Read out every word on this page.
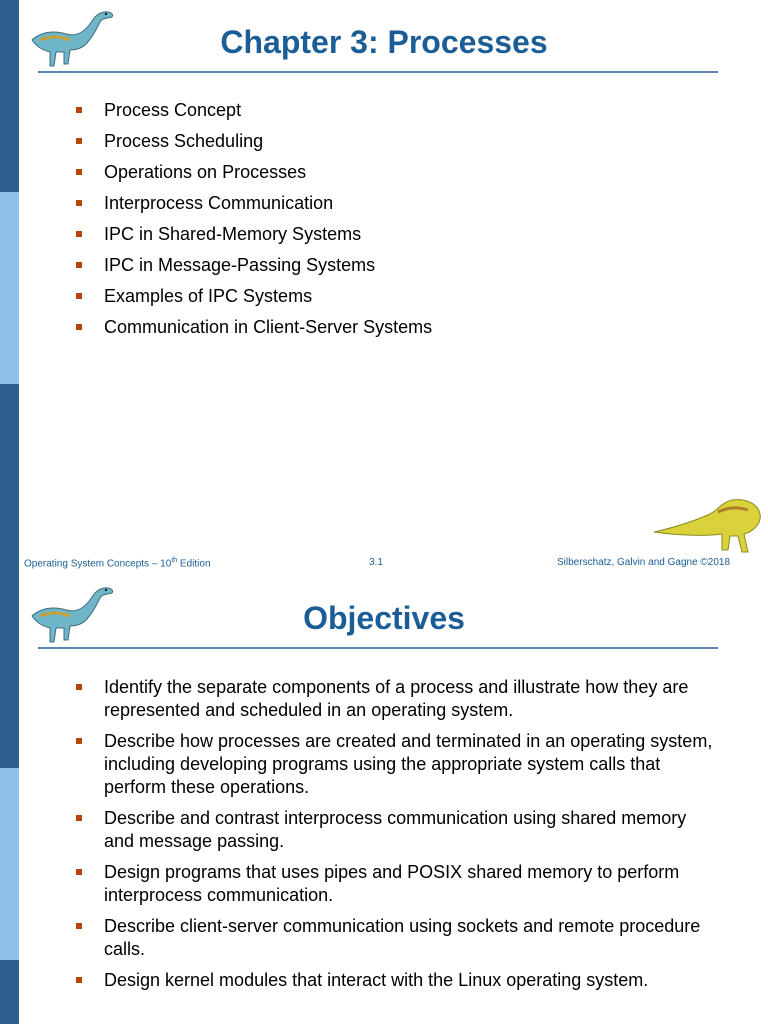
Chapter 3: Processes
Process Concept
Process Scheduling
Operations on Processes
Interprocess Communication
IPC in Shared-Memory Systems
IPC in Message-Passing Systems
Examples of IPC Systems
Communication in Client-Server Systems
Operating System Concepts – 10th Edition	3.1	Silberschatz, Galvin and Gagne ©2018
Objectives
Identify the separate components of a process and illustrate how they are represented and scheduled in an operating system.
Describe how processes are created and terminated in an operating system, including developing programs using the appropriate system calls that perform these operations.
Describe and contrast interprocess communication using shared memory and message passing.
Design programs that uses pipes and POSIX shared memory to perform interprocess communication.
Describe client-server communication using sockets and remote procedure calls.
Design kernel modules that interact with the Linux operating system.
